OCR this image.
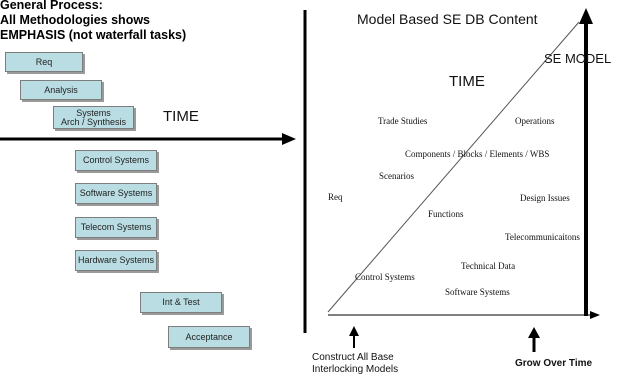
General Process:
All Methodologies shows
EMPHASIS (not waterfall tasks)
Req
Analysis
Systems
Arch / Synthesis
Control Systems
Software Systems
Telecom Systems
Hardware Systems
Int & Test
Acceptance
TIME
Model Based SE DB Content
SE MODEL
TIME
Trade Studies	Operations
Components / Blocks / Elements / WBS
Scenarios
Req	Design Issues
Functions
Telecommunicaitons
Technical Data
Control Systems
Software Systems
Construct All Base
Interlocking Models
Grow Over Time
